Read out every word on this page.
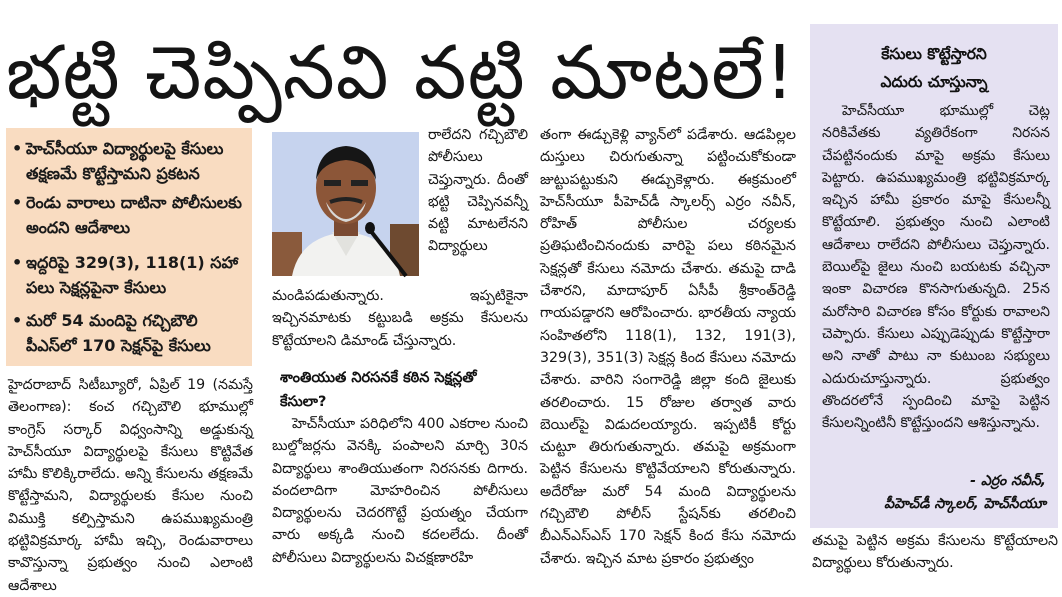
భట్టి చెప్పినవి వట్టి మాటలే!
• హెచ్‌సీయూ విద్యార్థులపై కేసులు తక్షణమే కొట్టేస్తామని ప్రకటన
• రెండు వారాలు దాటినా పోలీసులకు అందని ఆదేశాలు
• ఇద్దరిపై 329(3), 118(1) సహా పలు సెక్షన్లపైనా కేసులు
• మరో 54 మందిపై గచ్చిబౌలి పీఎస్‌లో 170 సెక్షన్‌పై కేసులు

హైదరాబాద్ సిటీబ్యూరో, ఏప్రిల్ 19 (నమస్తే తెలంగాణ): కంచ గచ్చిబౌలి భూముల్లో కాంగ్రెస్ సర్కార్ విధ్వంసాన్ని అడ్డుకున్న హెచ్‌సీయూ విద్యార్థులపై కేసులు కొట్టివేత హామీ కొలిక్కిరాలేదు. అన్ని కేసులను తక్షణమే కొట్టేస్తామని, విద్యార్థులకు కేసుల నుంచి విముక్తి కల్పిస్తామని ఉపముఖ్యమంత్రి భట్టివిక్రమార్క హామీ ఇచ్చి, రెండువారాలు కావొస్తున్నా ప్రభుత్వం నుంచి ఎలాంటి ఆదేశాలు

రాలేదని గచ్చిబౌలి పోలీసులు చెప్తున్నారు. దీంతో భట్టి చెప్పినవన్నీ వట్టి మాటలేనని విద్యార్థులు

మండిపడుతున్నారు. ఇప్పటికైనా ఇచ్చినమాటకు కట్టుబడి అక్రమ కేసులను కొట్టేయాలని డిమాండ్ చేస్తున్నారు.

శాంతియుత నిరసనకే కఠిన సెక్షన్లతో కేసులా?

హెచ్‌సీయూ పరిధిలోని 400 ఎకరాల నుంచి బుల్డోజర్లను వెనక్కి పంపాలని మార్చి 30న విద్యార్థులు శాంతియుతంగా నిరసనకు దిగారు. వందలాదిగా మోహరించిన పోలీసులు విద్యార్థులను చెదరగొట్టే ప్రయత్నం చేయగా వారు అక్కడి నుంచి కదలలేదు. దీంతో పోలీసులు విద్యార్థులను విచక్షణారహి

తంగా ఈడ్చుకెళ్లి వ్యాన్‌లో పడేశారు. ఆడపిల్లల దుస్తులు చిరుగుతున్నా పట్టించుకోకుండా జుట్టుపట్టుకుని ఈడ్చుకెళ్లారు. ఈక్రమంలో హెచ్‌సీయూ పీహెచ్‌డీ స్కాలర్స్ ఎర్రం నవీన్, రోహిత్ పోలీసుల చర్యలకు ప్రతిఘటించినందుకు వారిపై పలు కఠినమైన సెక్షన్లతో కేసులు నమోదు చేశారు. తమపై దాడి చేశారని, మాదాపూర్ ఏసీపీ శ్రీకాంత్‌రెడ్డి గాయపడ్డారని ఆరోపించారు. భారతీయ న్యాయ సంహితలోని 118(1), 132, 191(3), 329(3), 351(3) సెక్షన్ల కింద కేసులు నమోదు చేశారు. వారిని సంగారెడ్డి జిల్లా కంది జైలుకు తరలించారు. 15 రోజుల తర్వాత వారు బెయిల్‌పై విడుదలయ్యారు. ఇప్పటికీ కోర్టు చుట్టూ తిరుగుతున్నారు. తమపై అక్రమంగా పెట్టిన కేసులను కొట్టివేయాలని కోరుతున్నారు. అదేరోజు మరో 54 మంది విద్యార్థులను గచ్చిబౌలి పోలీస్ స్టేషన్‌కు తరలించి బీఎన్ఎస్ఎస్ 170 సెక్షన్ కింద కేసు నమోదు చేశారు. ఇచ్చిన మాట ప్రకారం ప్రభుత్వం

కేసులు కొట్టేస్తారని
ఎదురు చూస్తున్నా

హెచ్‌సీయూ భూముల్లో చెట్ల నరికివేతకు వ్యతిరేకంగా నిరసన చేపట్టినందుకు మాపై అక్రమ కేసులు పెట్టారు. ఉపముఖ్యమంత్రి భట్టివిక్రమార్క ఇచ్చిన హామీ ప్రకారం మాపై కేసులన్నీ కొట్టేయాలి. ప్రభుత్వం నుంచి ఎలాంటి ఆదేశాలు రాలేదని పోలీసులు చెప్తున్నారు. బెయిల్‌పై జైలు నుంచి బయటకు వచ్చినా ఇంకా విచారణ కొనసాగుతున్నది. 25న మరోసారి విచారణ కోసం కోర్టుకు రావాలని చెప్పారు. కేసులు ఎప్పుడెప్పుడు కొట్టేస్తారా అని నాతో పాటు నా కుటుంబ సభ్యులు ఎదురుచూస్తున్నారు. ప్రభుత్వం తొందరలోనే స్పందించి మాపై పెట్టిన కేసులన్నింటినీ కొట్టేస్తుందని ఆశిస్తున్నాను.

- ఎర్రం నవీన్,
పీహెచ్‌డీ స్కాలర్, హెచ్‌సీయూ

తమపై పెట్టిన అక్రమ కేసులను కొట్టేయాలని విద్యార్థులు కోరుతున్నారు.
